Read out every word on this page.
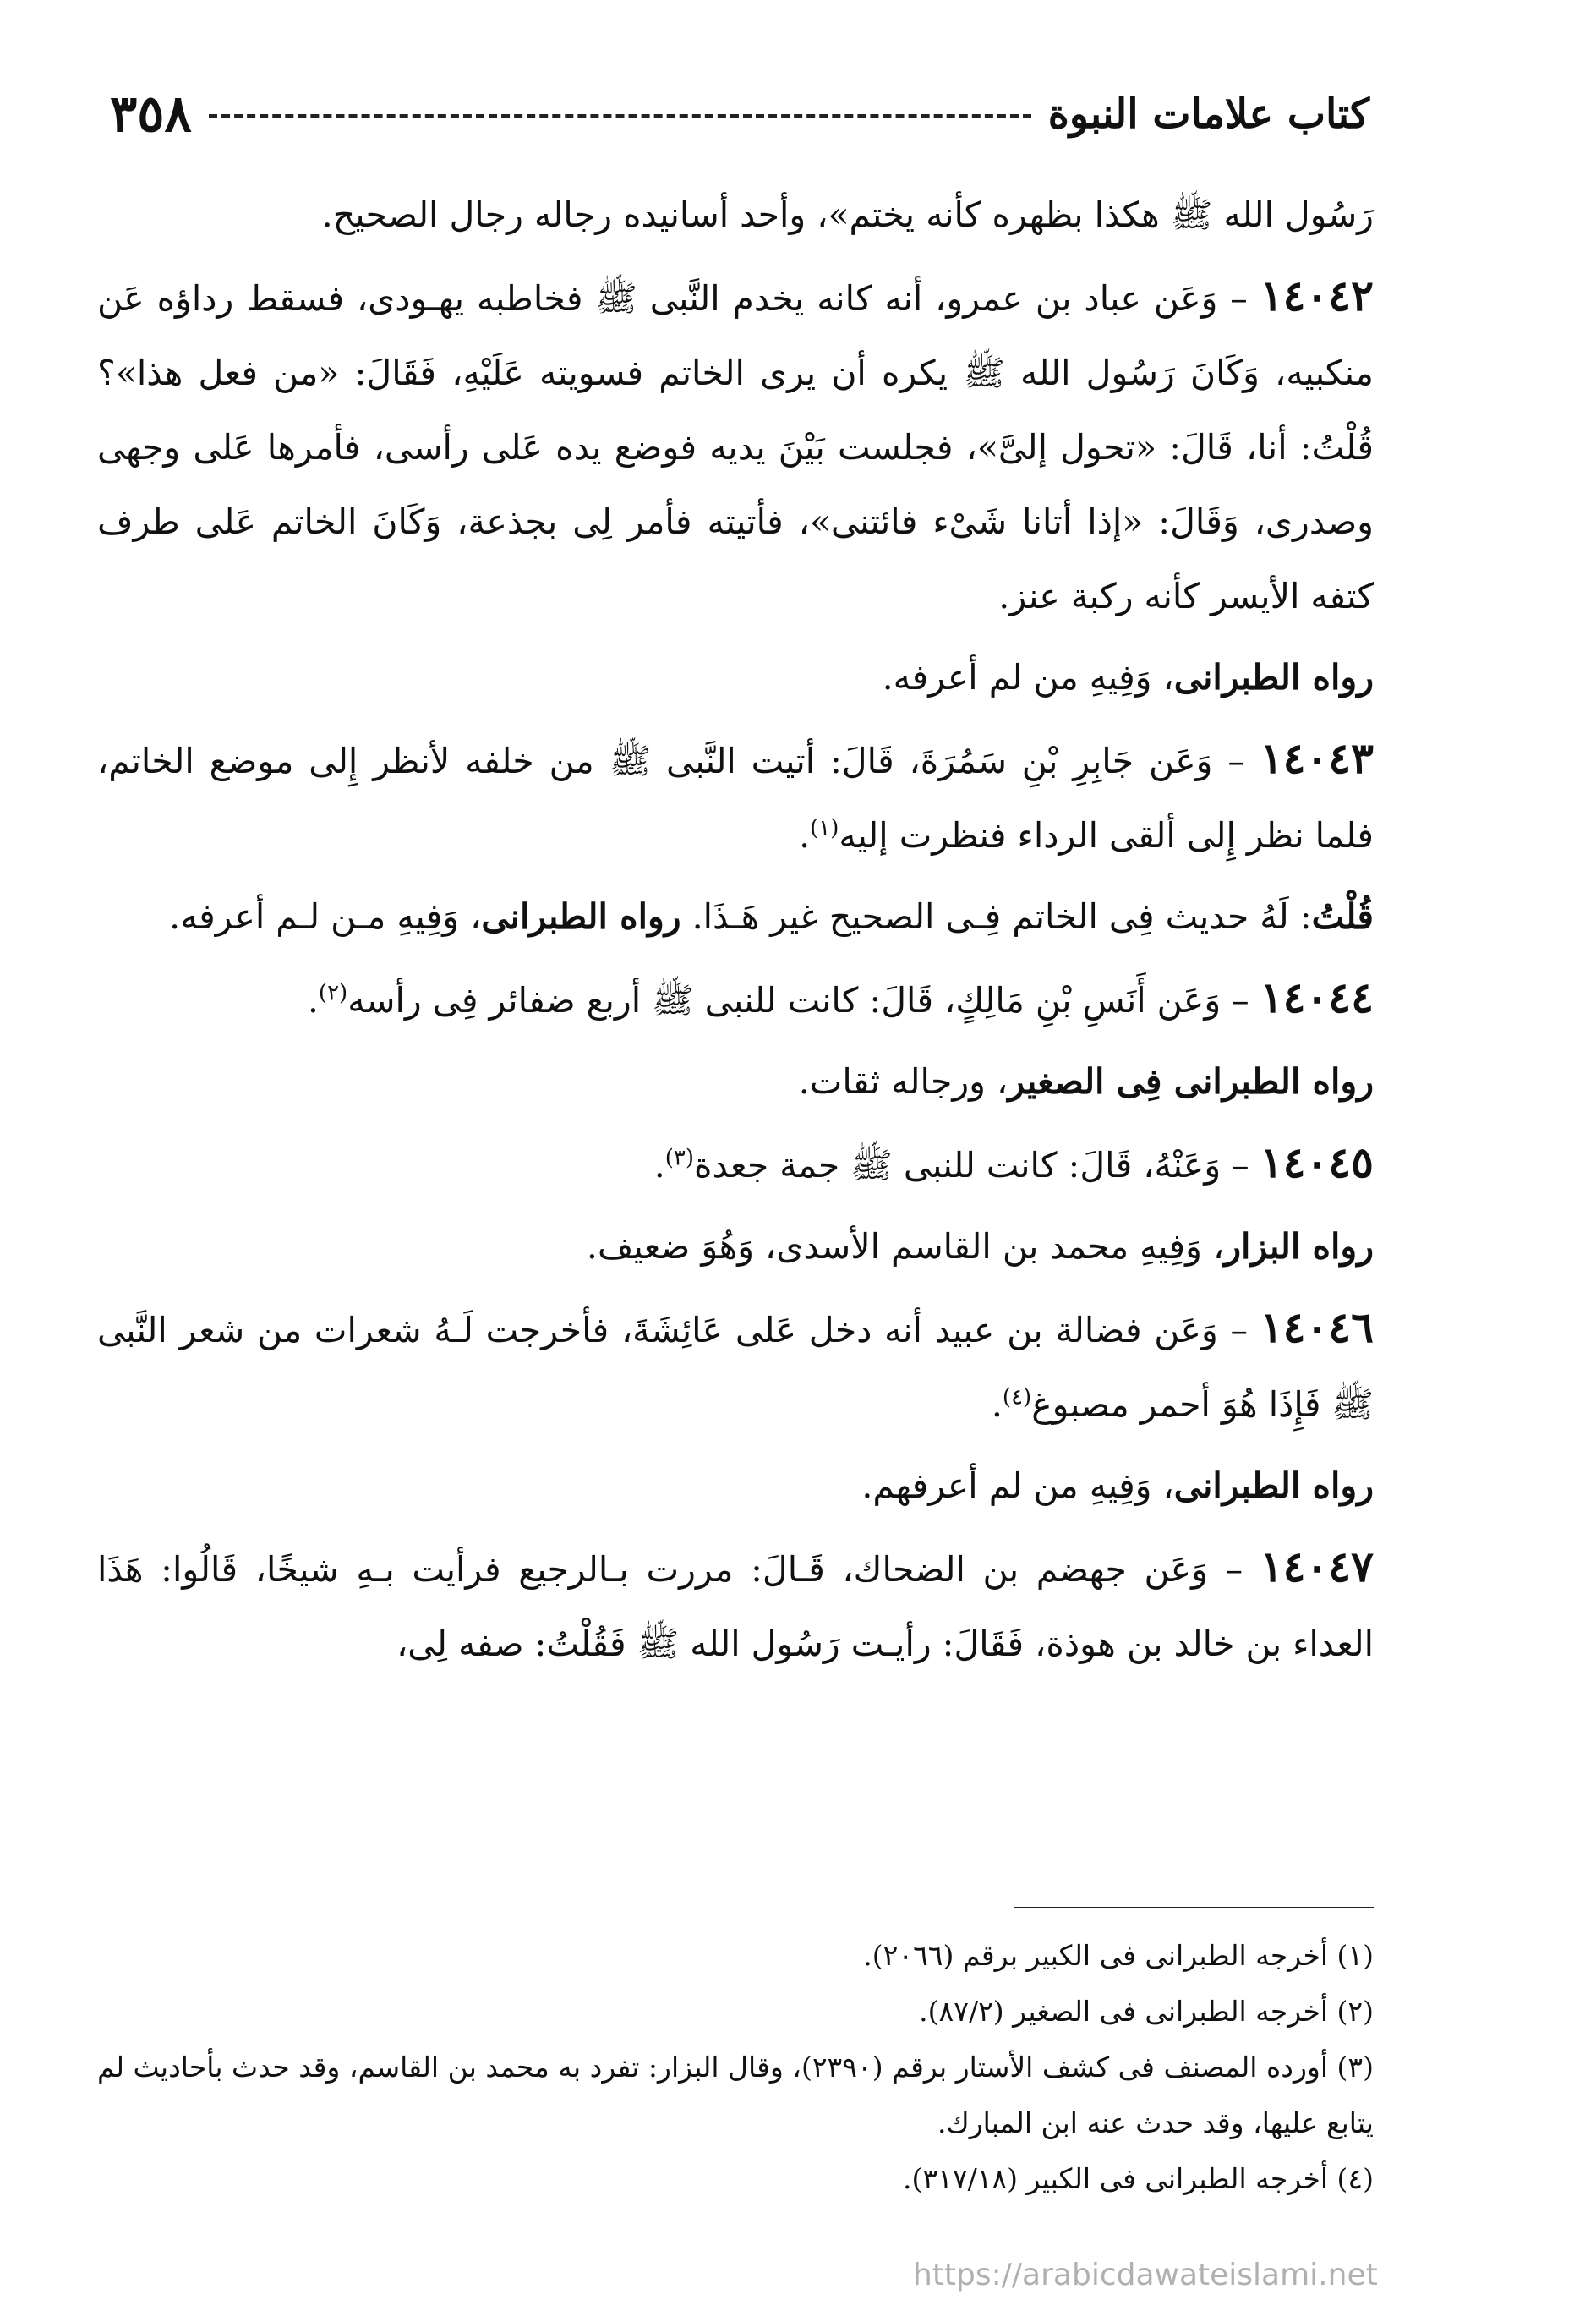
كتاب علامات النبوة
٣٥٨

رَسُول الله ﷺ هكذا بظهره كأنه يختم»، وأحد أسانيده رجاله رجال الصحيح.

١٤٠٤٢ – وَعَن عباد بن عمرو، أنه كانه يخدم النَّبى ﷺ فخاطبه يهـودى، فسقط رداؤه عَن منكبيه، وَكَانَ رَسُول الله ﷺ يكره أن يرى الخاتم فسويته عَلَيْهِ، فَقَالَ: «من فعل هذا»؟ قُلْتُ: أنا، قَالَ: «تحول إلىَّ»، فجلست بَيْنَ يديه فوضع يده عَلى رأسى، فأمرها عَلى وجهى وصدرى، وَقَالَ: «إذا أتانا شَىْء فائتنى»، فأتيته فأمر لِى بجذعة، وَكَانَ الخاتم عَلى طرف كتفه الأيسر كأنه ركبة عنز.

رواه الطبرانى، وَفِيهِ من لم أعرفه.

١٤٠٤٣ – وَعَن جَابِرِ بْنِ سَمُرَةَ، قَالَ: أتيت النَّبى ﷺ من خلفه لأنظر إِلى موضع الخاتم، فلما نظر إِلى ألقى الرداء فنظرت إليه$^{(١)}$.

قُلْتُ: لَهُ حديث فِى الخاتم فِـى الصحيح غير هَـذَا. رواه الطبرانى، وَفِيهِ مـن لـم أعرفه.

١٤٠٤٤ – وَعَن أَنَسِ بْنِ مَالِكٍ، قَالَ: كانت للنبى ﷺ أربع ضفائر فِى رأسه$^{(٢)}$.

رواه الطبرانى فِى الصغير، ورجاله ثقات.

١٤٠٤٥ – وَعَنْهُ، قَالَ: كانت للنبى ﷺ جمة جعدة$^{(٣)}$.

رواه البزار، وَفِيهِ محمد بن القاسم الأسدى، وَهُوَ ضعيف.

١٤٠٤٦ – وَعَن فضالة بن عبيد أنه دخل عَلى عَائِشَةَ، فأخرجت لَـهُ شعرات من شعر النَّبى ﷺ فَإِذَا هُوَ أحمر مصبوغ$^{(٤)}$.

رواه الطبرانى، وَفِيهِ من لم أعرفهم.

١٤٠٤٧ – وَعَن جهضم بن الضحاك، قَـالَ: مررت بـالرجيع فرأيت بـهِ شيخًا، قَالُوا: هَذَا العداء بن خالد بن هوذة، فَقَالَ: رأيـت رَسُول الله ﷺ فَقُلْتُ: صفه لِى،

(١) أخرجه الطبرانى فى الكبير برقم (٢٠٦٦).

(٢) أخرجه الطبرانى فى الصغير (٨٧/٢).

(٣) أورده المصنف فى كشف الأستار برقم (٢٣٩٠)، وقال البزار: تفرد به محمد بن القاسم، وقد حدث بأحاديث لم يتابع عليها، وقد حدث عنه ابن المبارك.

(٤) أخرجه الطبرانى فى الكبير (٣١٧/١٨).

https://arabicdawateislami.net
